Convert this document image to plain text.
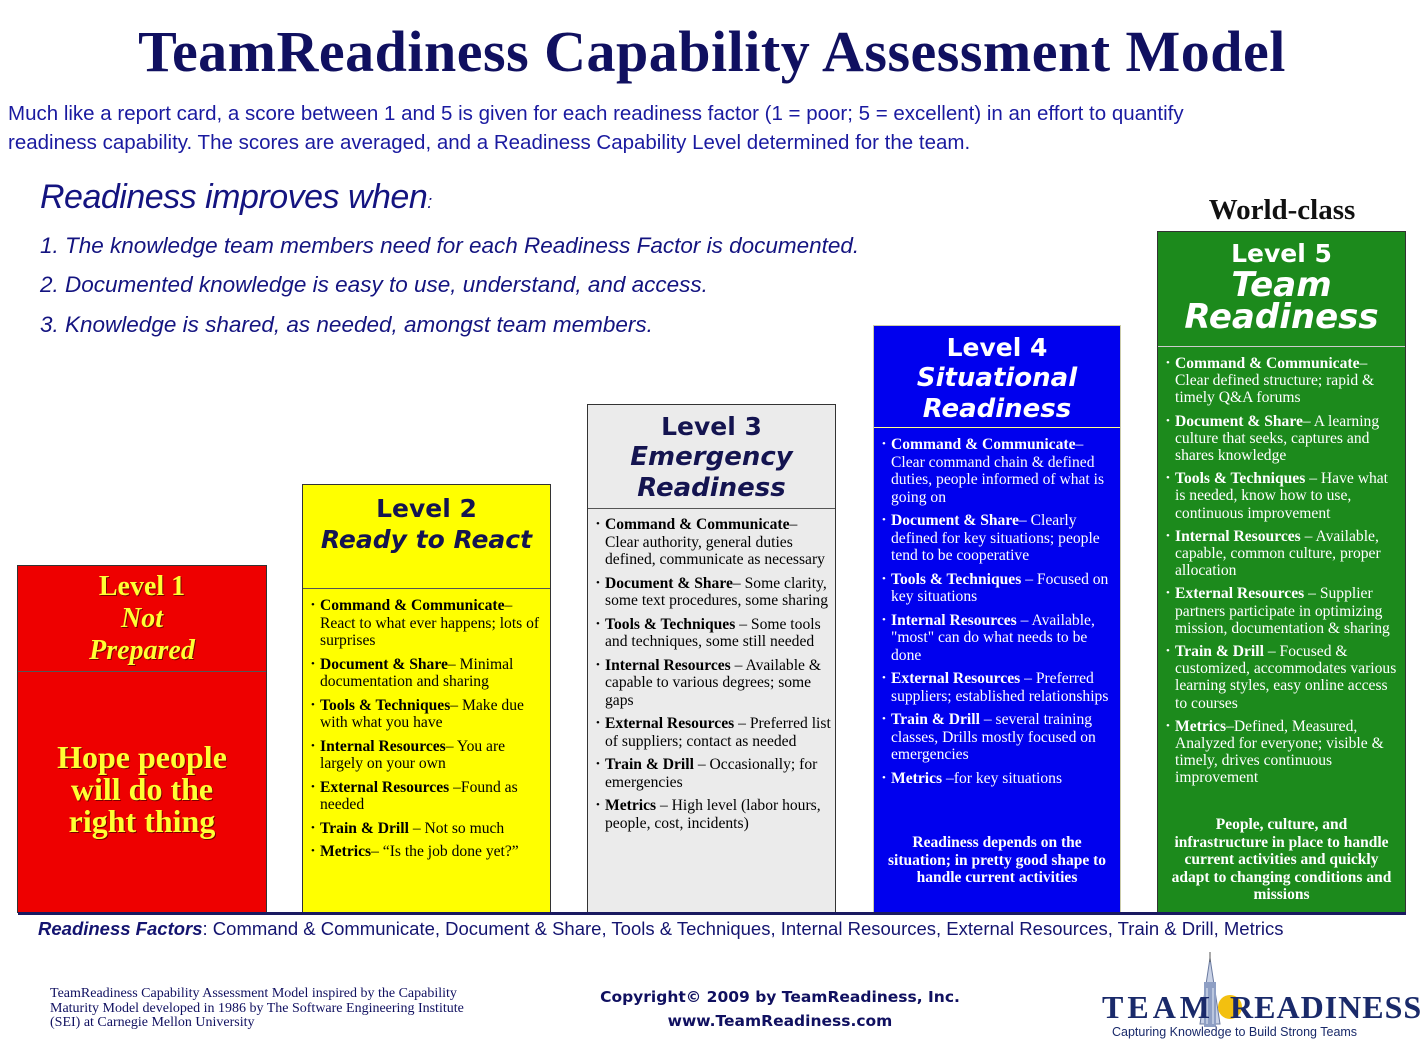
TeamReadiness Capability Assessment Model
Much like a report card, a score between 1 and 5 is given for each readiness factor (1 = poor; 5 = excellent) in an effort to quantify
readiness capability. The scores are averaged, and a Readiness Capability Level determined for the team.
Readiness improves when:
1. The knowledge team members need for each Readiness Factor is documented.
2. Documented knowledge is easy to use, understand, and access.
3. Knowledge is shared, as needed, amongst team members.
Level 1
Not
Prepared
Hope people
will do the
right thing
Level 2
Ready to React
• Command & Communicate– React to what ever happens; lots of surprises
• Document & Share– Minimal documentation and sharing
• Tools & Techniques– Make due with what you have
• Internal Resources– You are largely on your own
• External Resources –Found as needed
• Train & Drill – Not so much
• Metrics– “Is the job done yet?”
Level 3
Emergency
Readiness
• Command & Communicate– Clear authority, general duties defined, communicate as necessary
• Document & Share– Some clarity, some text procedures, some sharing
• Tools & Techniques – Some tools and techniques, some still needed
• Internal Resources – Available & capable to various degrees; some gaps
• External Resources – Preferred list of suppliers; contact as needed
• Train & Drill – Occasionally; for emergencies
• Metrics – High level (labor hours, people, cost, incidents)
Level 4
Situational
Readiness
• Command & Communicate– Clear command chain & defined duties, people informed of what is going on
• Document & Share– Clearly defined for key situations; people tend to be cooperative
• Tools & Techniques – Focused on key situations
• Internal Resources – Available, "most" can do what needs to be done
• External Resources – Preferred suppliers; established relationships
• Train & Drill – several training classes, Drills mostly focused on emergencies
• Metrics –for key situations
Readiness depends on the situation; in pretty good shape to handle current activities
World-class
Level 5
Team
Readiness
• Command & Communicate– Clear defined structure; rapid & timely Q&A forums
• Document & Share– A learning culture that seeks, captures and shares knowledge
• Tools & Techniques – Have what is needed, know how to use, continuous improvement
• Internal Resources – Available, capable, common culture, proper allocation
• External Resources – Supplier partners participate in optimizing mission, documentation & sharing
• Train & Drill – Focused & customized, accommodates various learning styles, easy online access to courses
• Metrics–Defined, Measured, Analyzed for everyone; visible & timely, drives continuous improvement
People, culture, and infrastructure in place to handle current activities and quickly adapt to changing conditions and missions
Readiness Factors: Command & Communicate, Document & Share, Tools & Techniques, Internal Resources, External Resources, Train & Drill, Metrics
TeamReadiness Capability Assessment Model inspired by the Capability Maturity Model developed in 1986 by The Software Engineering Institute (SEI) at Carnegie Mellon University
Copyright© 2009 by TeamReadiness, Inc.
www.TeamReadiness.com	TEAM READINESS
Capturing Knowledge to Build Strong Teams
